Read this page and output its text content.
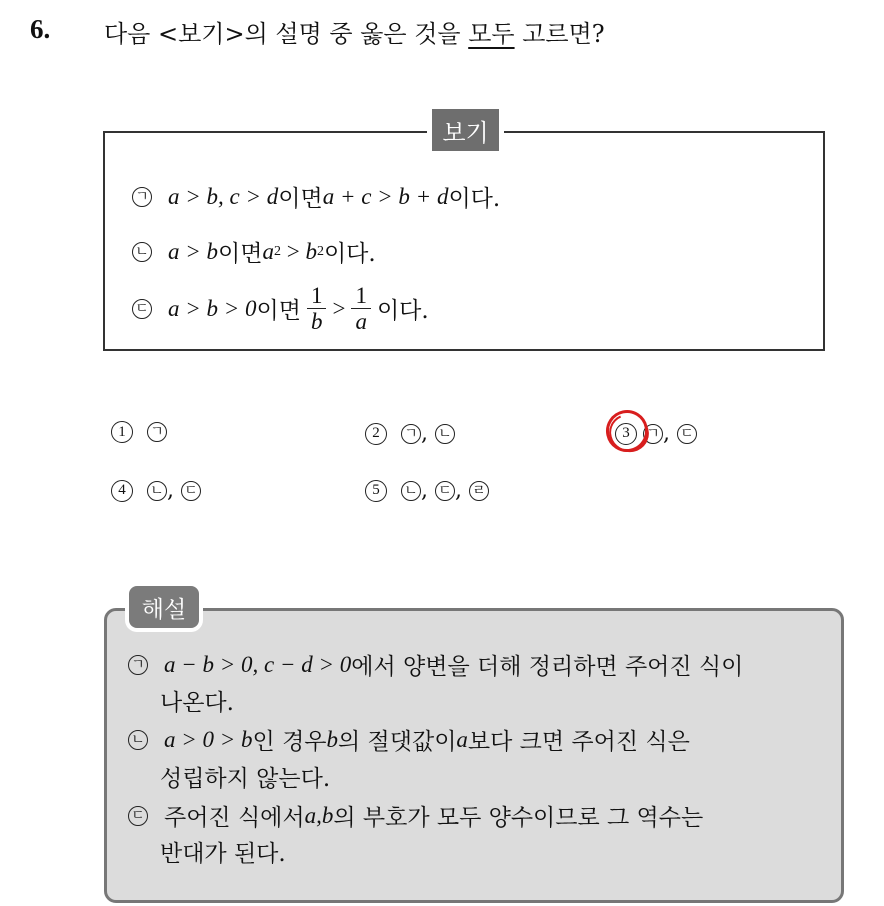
6. 다음 <보기>의 설명 중 옳은 것을 모두 고르면?
보기
ㄱ a > b, c > d 이면 a + c > b + d 이다.
ㄴ a > b 이면 a 2 > b 2 이다.
ㄷ a > b > 0 이면 $\frac{1}{b} > \frac{1}{a}$ 이다.
1	ㄱ	2	ㄱ , ㄴ	3	ㄱ , ㄷ
4	ㄴ , ㄷ	5	ㄴ , ㄷ , ㄹ
해설
ㄱ a − b > 0, c − d > 0 에서 양변을 더해 정리하면 주어진 식이
나온다.
ㄴ a > 0 > b 인 경우 b 의 절댓값이 a 보다 크면 주어진 식은
성립하지 않는다.
ㄷ 주어진 식에서 a,b 의 부호가 모두 양수이므로 그 역수는
반대가 된다.
